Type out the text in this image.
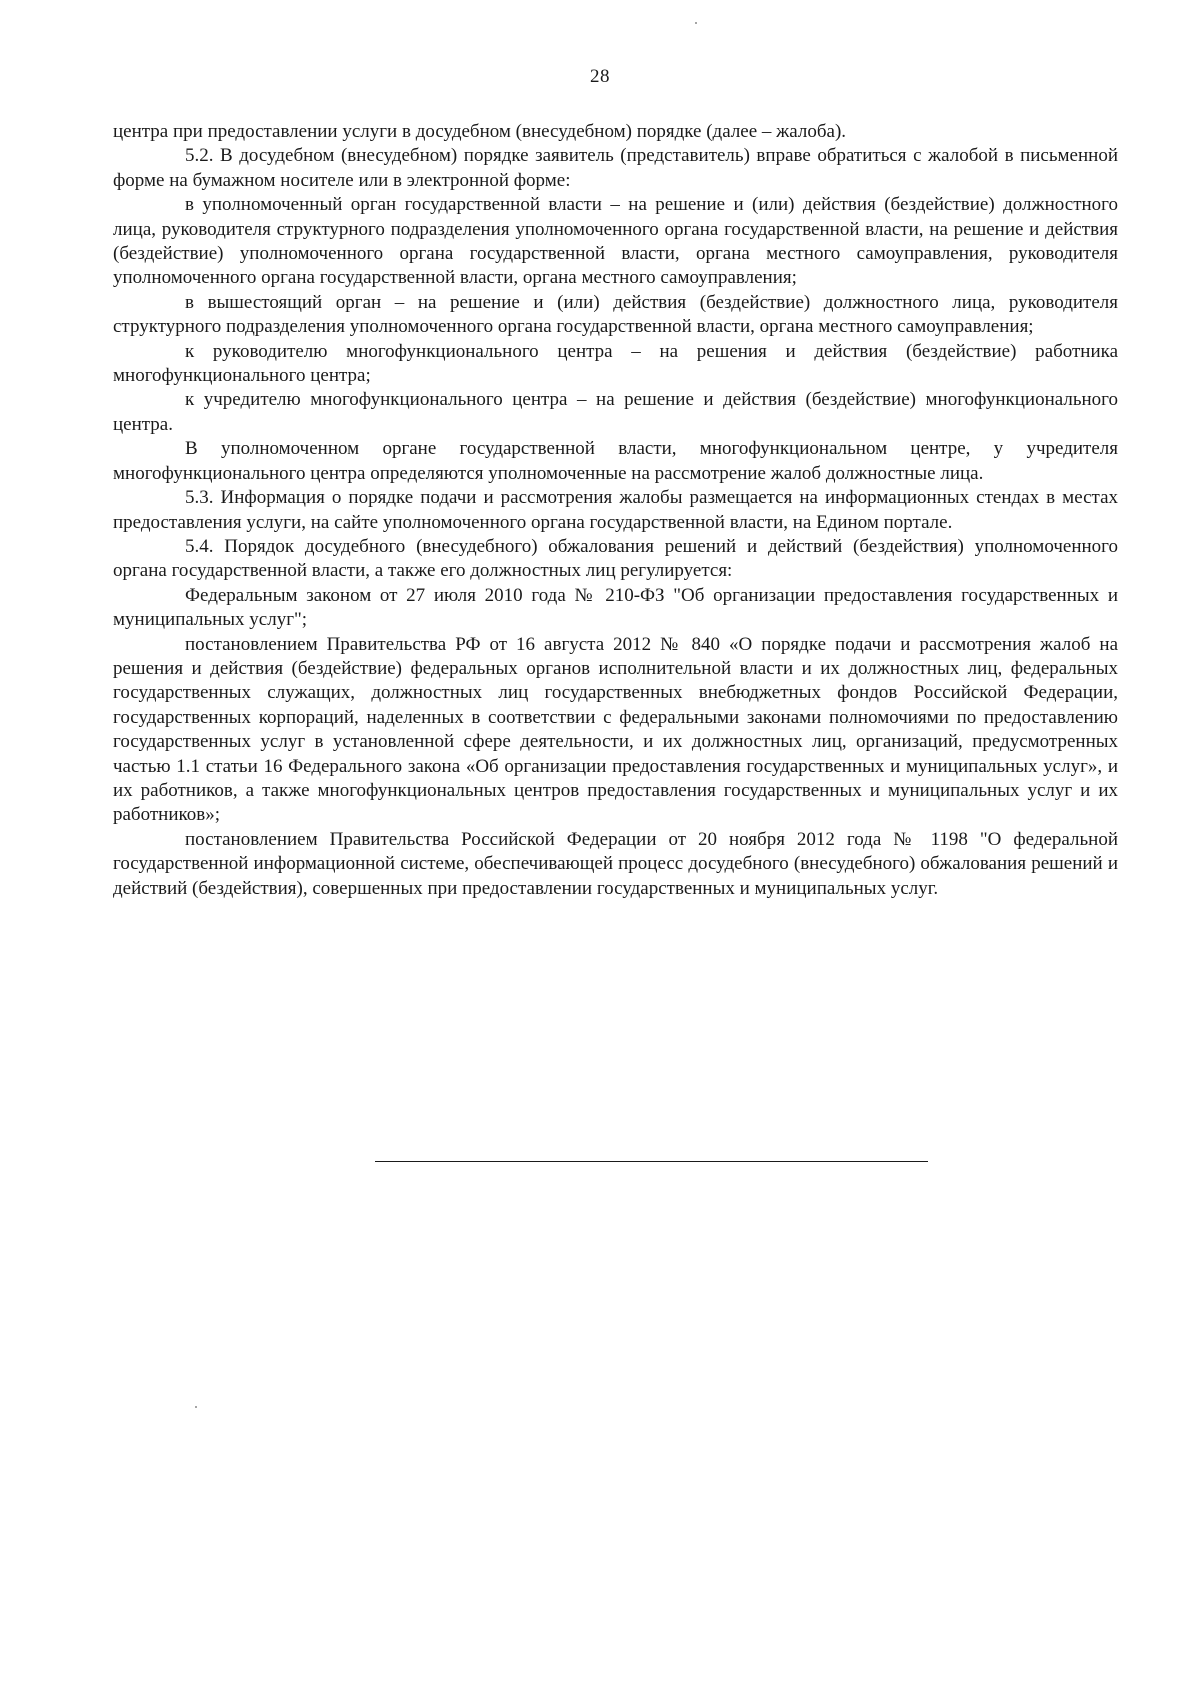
28

центра при предоставлении услуги в досудебном (внесудебном) порядке (далее – жалоба).

5.2. В досудебном (внесудебном) порядке заявитель (представитель) вправе обратиться с жалобой в письменной форме на бумажном носителе или в электронной форме:

в уполномоченный орган государственной власти – на решение и (или) действия (бездействие) должностного лица, руководителя структурного подразделения уполномоченного органа государственной власти, на решение и действия (бездействие) уполномоченного органа государственной власти, органа местного самоуправления, руководителя уполномоченного органа государственной власти, органа местного самоуправления;

в вышестоящий орган – на решение и (или) действия (бездействие) должностного лица, руководителя структурного подразделения уполномоченного органа государственной власти, органа местного самоуправления;

к руководителю многофункционального центра – на решения и действия (бездействие) работника многофункционального центра;

к учредителю многофункционального центра – на решение и действия (бездействие) многофункционального центра.

В уполномоченном органе государственной власти, многофункциональном центре, у учредителя многофункционального центра определяются уполномоченные на рассмотрение жалоб должностные лица.

5.3. Информация о порядке подачи и рассмотрения жалобы размещается на информационных стендах в местах предоставления услуги, на сайте уполномоченного органа государственной власти, на Едином портале.

5.4. Порядок досудебного (внесудебного) обжалования решений и действий (бездействия) уполномоченного органа государственной власти, а также его должностных лиц регулируется:

Федеральным законом от 27 июля 2010 года № 210-ФЗ "Об организации предоставления государственных и муниципальных услуг";

постановлением Правительства РФ от 16 августа 2012 № 840 «О порядке подачи и рассмотрения жалоб на решения и действия (бездействие) федеральных органов исполнительной власти и их должностных лиц, федеральных государственных служащих, должностных лиц государственных внебюджетных фондов Российской Федерации, государственных корпораций, наделенных в соответствии с федеральными законами полномочиями по предоставлению государственных услуг в установленной сфере деятельности, и их должностных лиц, организаций, предусмотренных частью 1.1 статьи 16 Федерального закона «Об организации предоставления государственных и муниципальных услуг», и их работников, а также многофункциональных центров предоставления государственных и муниципальных услуг и их работников»;

постановлением Правительства Российской Федерации от 20 ноября 2012 года № 1198 "О федеральной государственной информационной системе, обеспечивающей процесс досудебного (внесудебного) обжалования решений и действий (бездействия), совершенных при предоставлении государственных и муниципальных услуг.
